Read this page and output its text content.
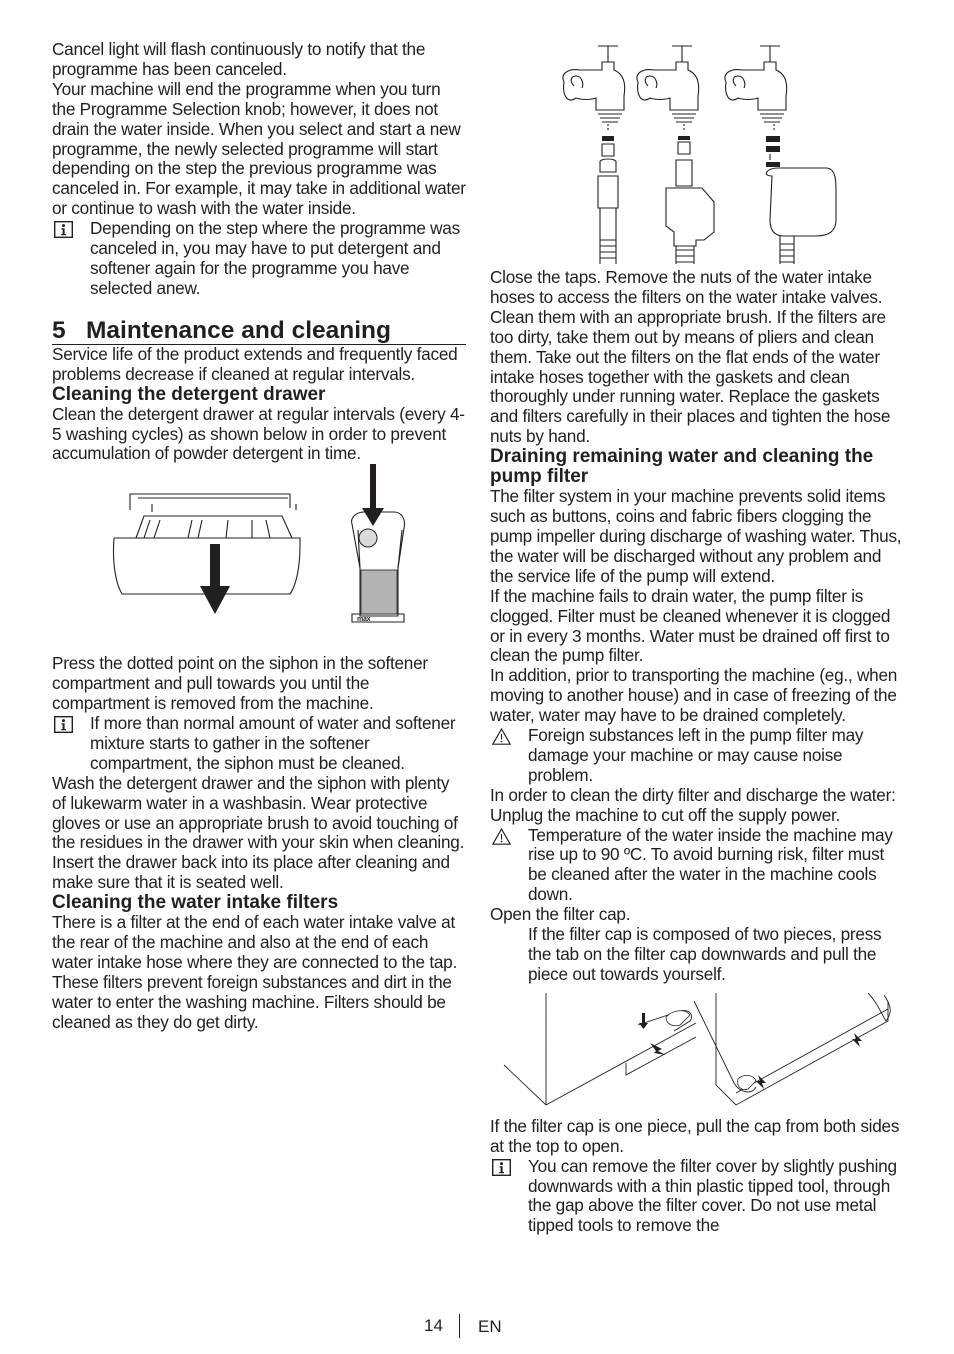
Cancel light will flash continuously to notify that the programme has been canceled.

Your machine will end the programme when you turn the Programme Selection knob; however, it does not drain the water inside. When you select and start a new programme, the newly selected programme will start depending on the step the previous programme was canceled in. For example, it may take in additional water or continue to wash with the water inside.

Depending on the step where the programme was canceled in, you may have to put detergent and softener again for the programme you have selected anew.

5 Maintenance and cleaning

Service life of the product extends and frequently faced problems decrease if cleaned at regular intervals.

Cleaning the detergent drawer

Clean the detergent drawer at regular intervals (every 4-5 washing cycles) as shown below in order to prevent accumulation of powder detergent in time.

max

Press the dotted point on the siphon in the softener compartment and pull towards you until the compartment is removed from the machine.

If more than normal amount of water and softener mixture starts to gather in the softener compartment, the siphon must be cleaned.

Wash the detergent drawer and the siphon with plenty of lukewarm water in a washbasin. Wear protective gloves or use an appropriate brush to avoid touching of the residues in the drawer with your skin when cleaning. Insert the drawer back into its place after cleaning and make sure that it is seated well.

Cleaning the water intake filters

There is a filter at the end of each water intake valve at the rear of the machine and also at the end of each water intake hose where they are connected to the tap. These filters prevent foreign substances and dirt in the water to enter the washing machine. Filters should be cleaned as they do get dirty.

Close the taps. Remove the nuts of the water intake hoses to access the filters on the water intake valves. Clean them with an appropriate brush. If the filters are too dirty, take them out by means of pliers and clean them. Take out the filters on the flat ends of the water intake hoses together with the gaskets and clean thoroughly under running water. Replace the gaskets and filters carefully in their places and tighten the hose nuts by hand.

Draining remaining water and cleaning the pump filter

The filter system in your machine prevents solid items such as buttons, coins and fabric fibers clogging the pump impeller during discharge of washing water. Thus, the water will be discharged without any problem and the service life of the pump will extend.

If the machine fails to drain water, the pump filter is clogged. Filter must be cleaned whenever it is clogged or in every 3 months. Water must be drained off first to clean the pump filter.

In addition, prior to transporting the machine (eg., when moving to another house) and in case of freezing of the water, water may have to be drained completely.

Foreign substances left in the pump filter may damage your machine or may cause noise problem.

In order to clean the dirty filter and discharge the water:

Unplug the machine to cut off the supply power.

Temperature of the water inside the machine may rise up to 90 ºC. To avoid burning risk, filter must be cleaned after the water in the machine cools down.

Open the filter cap.

If the filter cap is composed of two pieces, press the tab on the filter cap downwards and pull the piece out towards yourself.

If the filter cap is one piece, pull the cap from both sides at the top to open.

You can remove the filter cover by slightly pushing downwards with a thin plastic tipped tool, through the gap above the filter cover. Do not use metal tipped tools to remove the

14 EN
